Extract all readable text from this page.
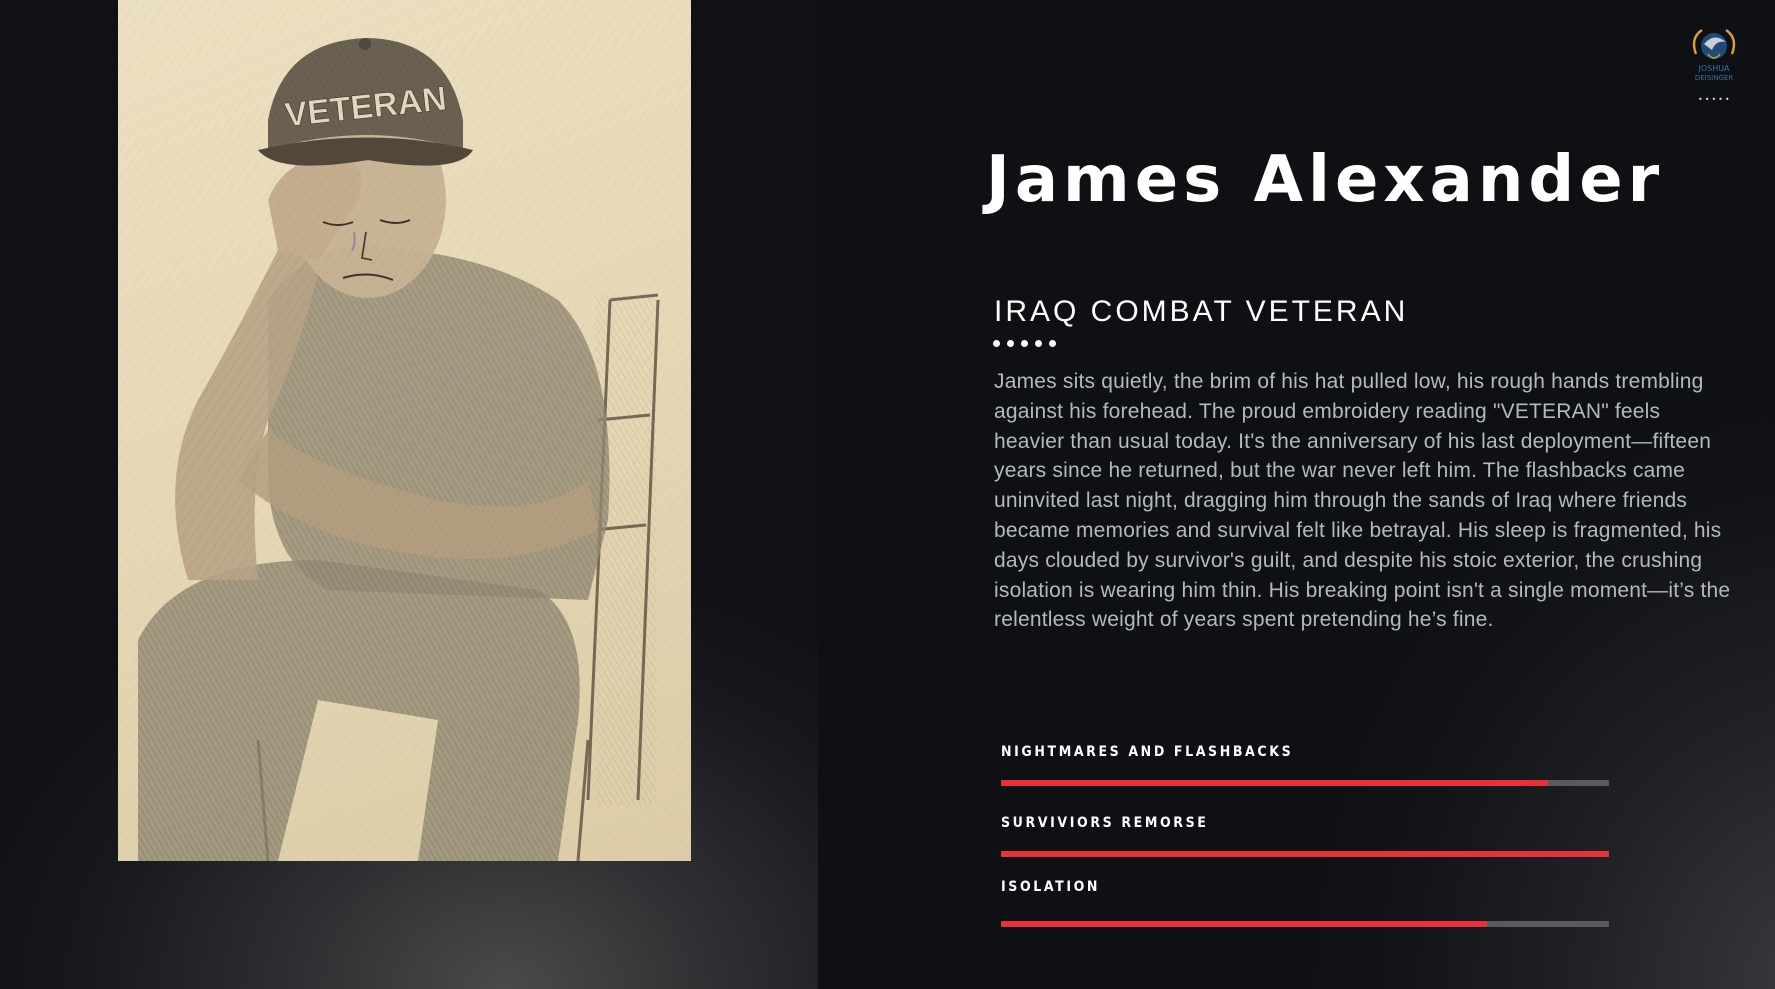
VETERAN
JOSHUA
DEISINGER
•••••
James Alexander
IRAQ COMBAT VETERAN
James sits quietly, the brim of his hat pulled low, his rough hands trembling against his forehead. The proud embroidery reading "VETERAN" feels heavier than usual today. It's the anniversary of his last deployment—fifteen years since he returned, but the war never left him. The flashbacks came uninvited last night, dragging him through the sands of Iraq where friends became memories and survival felt like betrayal. His sleep is fragmented, his days clouded by survivor's guilt, and despite his stoic exterior, the crushing isolation is wearing him thin. His breaking point isn't a single moment—it’s the relentless weight of years spent pretending he’s fine.
NIGHTMARES AND FLASHBACKS
SURVIVIORS REMORSE
ISOLATION
